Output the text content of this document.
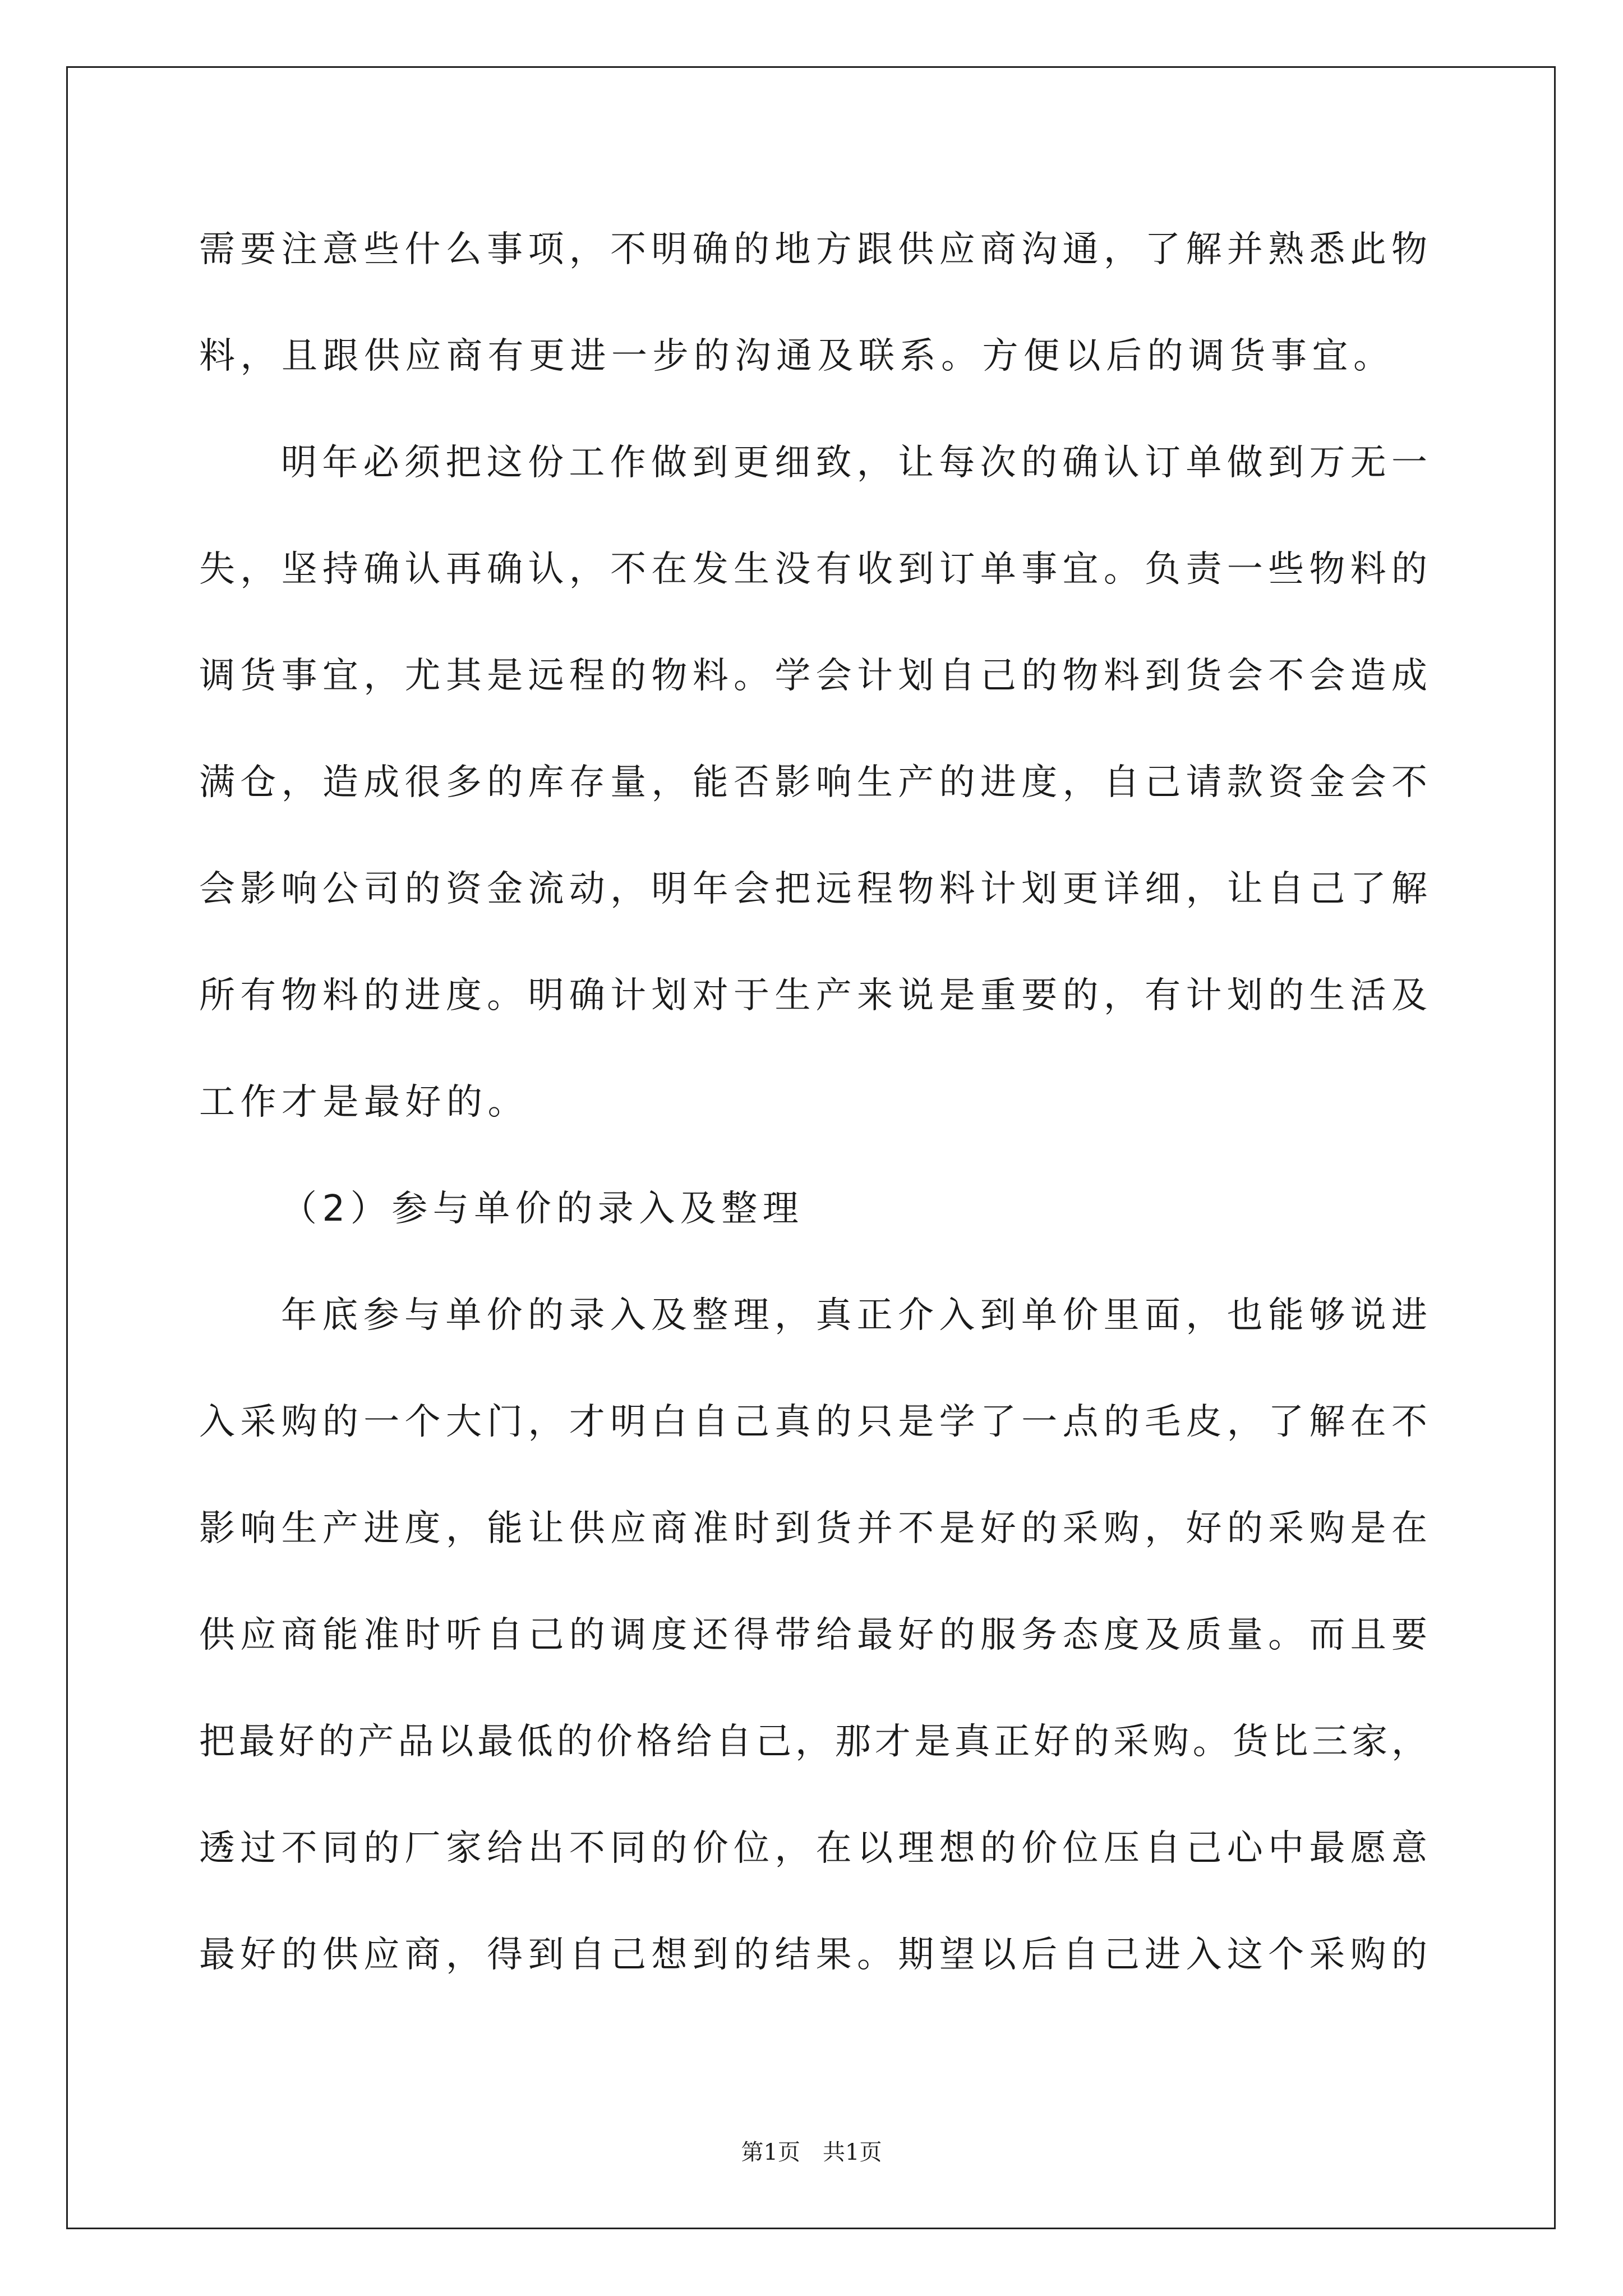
需要注意些什么事项，不明确的地方跟供应商沟通，了解并熟悉此物
料，且跟供应商有更进一步的沟通及联系。方便以后的调货事宜。
明年必须把这份工作做到更细致，让每次的确认订单做到万无一
失，坚持确认再确认，不在发生没有收到订单事宜。负责一些物料的
调货事宜，尤其是远程的物料。学会计划自己的物料到货会不会造成
满仓，造成很多的库存量，能否影响生产的进度，自己请款资金会不
会影响公司的资金流动，明年会把远程物料计划更详细，让自己了解
所有物料的进度。明确计划对于生产来说是重要的，有计划的生活及
工作才是最好的。
（2）参与单价的录入及整理
年底参与单价的录入及整理，真正介入到单价里面，也能够说进
入采购的一个大门，才明白自己真的只是学了一点的毛皮，了解在不
影响生产进度，能让供应商准时到货并不是好的采购，好的采购是在
供应商能准时听自己的调度还得带给最好的服务态度及质量。而且要
把最好的产品以最低的价格给自己，那才是真正好的采购。货比三家，
透过不同的厂家给出不同的价位，在以理想的价位压自己心中最愿意
最好的供应商，得到自己想到的结果。期望以后自己进入这个采购的
第1页 共1页
